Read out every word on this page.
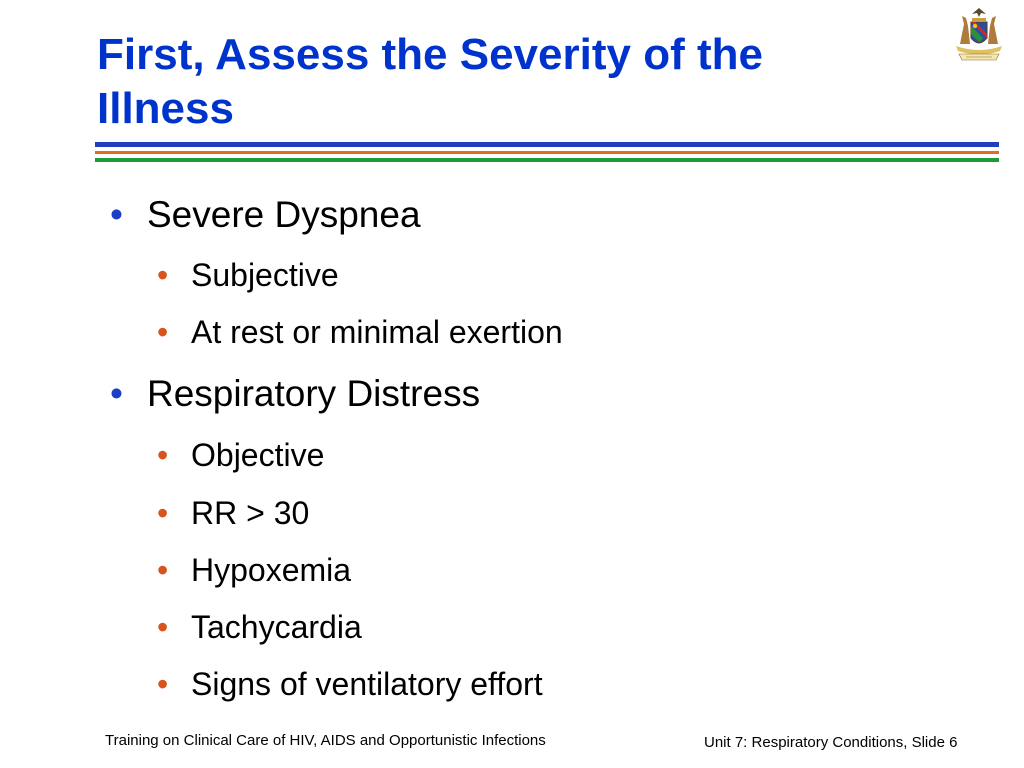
First, Assess the Severity of the
Illness
• Severe Dyspnea
• Subjective
• At rest or minimal exertion
• Respiratory Distress
• Objective
• RR > 30
• Hypoxemia
• Tachycardia
• Signs of ventilatory effort
Training on Clinical Care of HIV, AIDS and Opportunistic Infections	Unit 7: Respiratory Conditions, Slide 6
